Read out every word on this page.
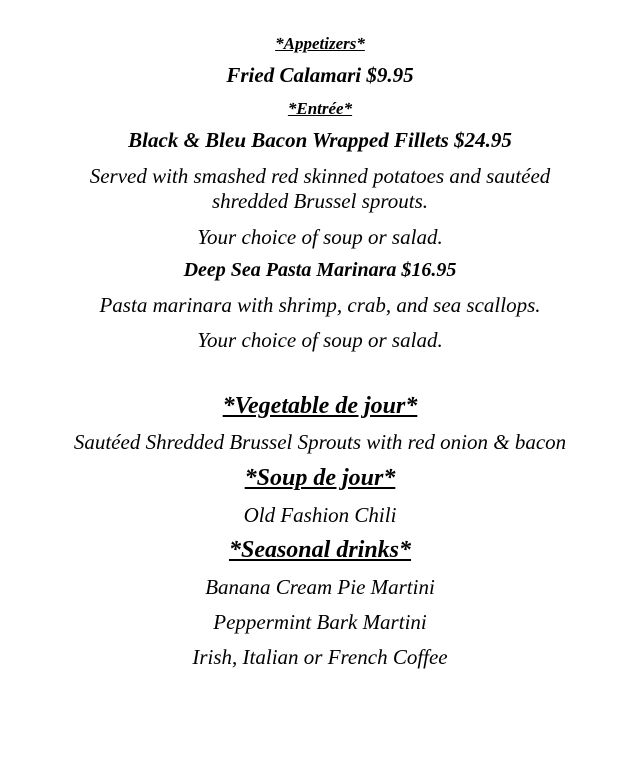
*Appetizers*
Fried Calamari $9.95
*Entrée*
Black & Bleu Bacon Wrapped Fillets $24.95
Served with smashed red skinned potatoes and sautéed
shredded Brussel sprouts.
Your choice of soup or salad.
Deep Sea Pasta Marinara $16.95
Pasta marinara with shrimp, crab, and sea scallops.
Your choice of soup or salad.
*Vegetable de jour*
Sautéed Shredded Brussel Sprouts with red onion & bacon
*Soup de jour*
Old Fashion Chili
*Seasonal drinks*
Banana Cream Pie Martini
Peppermint Bark Martini
Irish, Italian or French Coffee
